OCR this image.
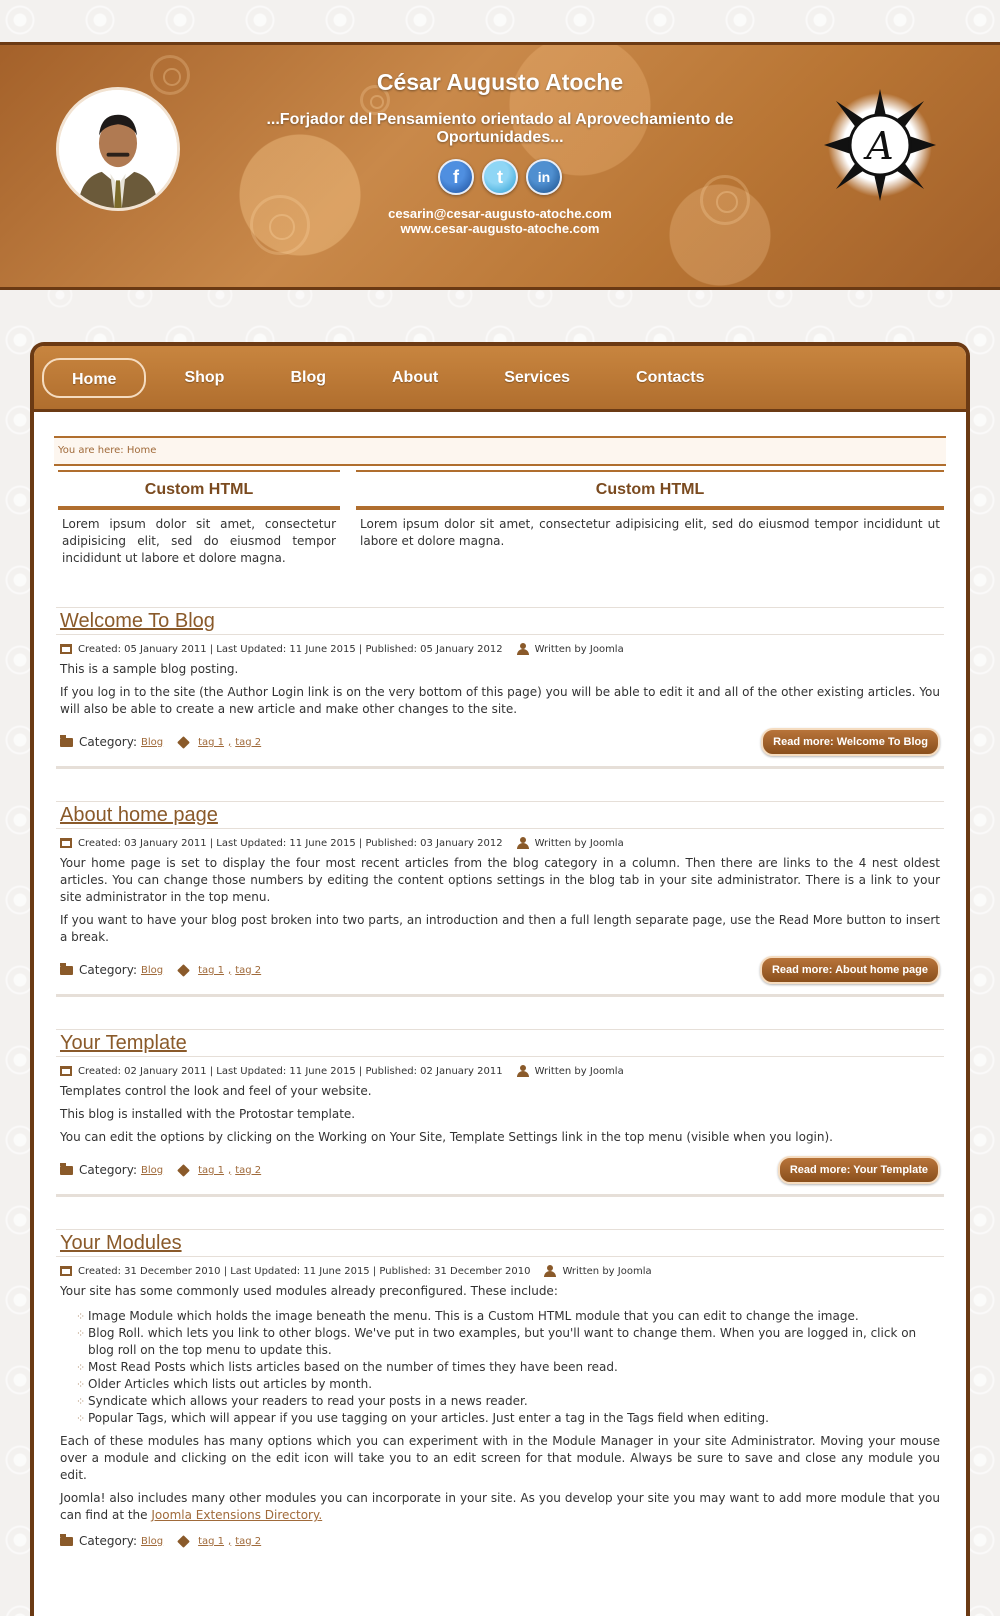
César Augusto Atoche
...Forjador del Pensamiento orientado al Aprovechamiento de Oportunidades...
f	t	in
cesarin@cesar-augusto-atoche.com
www.cesar-augusto-atoche.com
A
Home	Shop	Blog	About	Services	Contacts
You are here: Home
Custom HTML

Lorem ipsum dolor sit amet, consectetur adipisicing elit, sed do eiusmod tempor incididunt ut labore et dolore magna.

Custom HTML

Lorem ipsum dolor sit amet, consectetur adipisicing elit, sed do eiusmod tempor incididunt ut labore et dolore magna.

Welcome To Blog
Created: 05 January 2011 | Last Updated: 11 June 2015 | Published: 05 January 2012	Written by Joomla
This is a sample blog posting.
If you log in to the site (the Author Login link is on the very bottom of this page) you will be able to edit it and all of the other existing articles. You will also be able to create a new article and make other changes to the site.
Category: Blog	tag 1 , tag 2	Read more: Welcome To Blog
About home page
Created: 03 January 2011 | Last Updated: 11 June 2015 | Published: 03 January 2012	Written by Joomla
Your home page is set to display the four most recent articles from the blog category in a column. Then there are links to the 4 nest oldest articles. You can change those numbers by editing the content options settings in the blog tab in your site administrator. There is a link to your site administrator in the top menu.
If you want to have your blog post broken into two parts, an introduction and then a full length separate page, use the Read More button to insert a break.
Category: Blog	tag 1 , tag 2	Read more: About home page
Your Template
Created: 02 January 2011 | Last Updated: 11 June 2015 | Published: 02 January 2011	Written by Joomla
Templates control the look and feel of your website.
This blog is installed with the Protostar template.
You can edit the options by clicking on the Working on Your Site, Template Settings link in the top menu (visible when you login).
Category: Blog	tag 1 , tag 2	Read more: Your Template
Your Modules
Created: 31 December 2010 | Last Updated: 11 June 2015 | Published: 31 December 2010	Written by Joomla
Your site has some commonly used modules already preconfigured. These include:
⁘ Image Module which holds the image beneath the menu. This is a Custom HTML module that you can edit to change the image.
⁘ Blog Roll. which lets you link to other blogs. We've put in two examples, but you'll want to change them. When you are logged in, click on blog roll on the top menu to update this.
⁘ Most Read Posts which lists articles based on the number of times they have been read.
⁘ Older Articles which lists out articles by month.
⁘ Syndicate which allows your readers to read your posts in a news reader.
⁘ Popular Tags, which will appear if you use tagging on your articles. Just enter a tag in the Tags field when editing.
Each of these modules has many options which you can experiment with in the Module Manager in your site Administrator. Moving your mouse over a module and clicking on the edit icon will take you to an edit screen for that module. Always be sure to save and close any module you edit.
Joomla! also includes many other modules you can incorporate in your site. As you develop your site you may want to add more module that you can find at the Joomla Extensions Directory.
Category: Blog	tag 1 , tag 2
